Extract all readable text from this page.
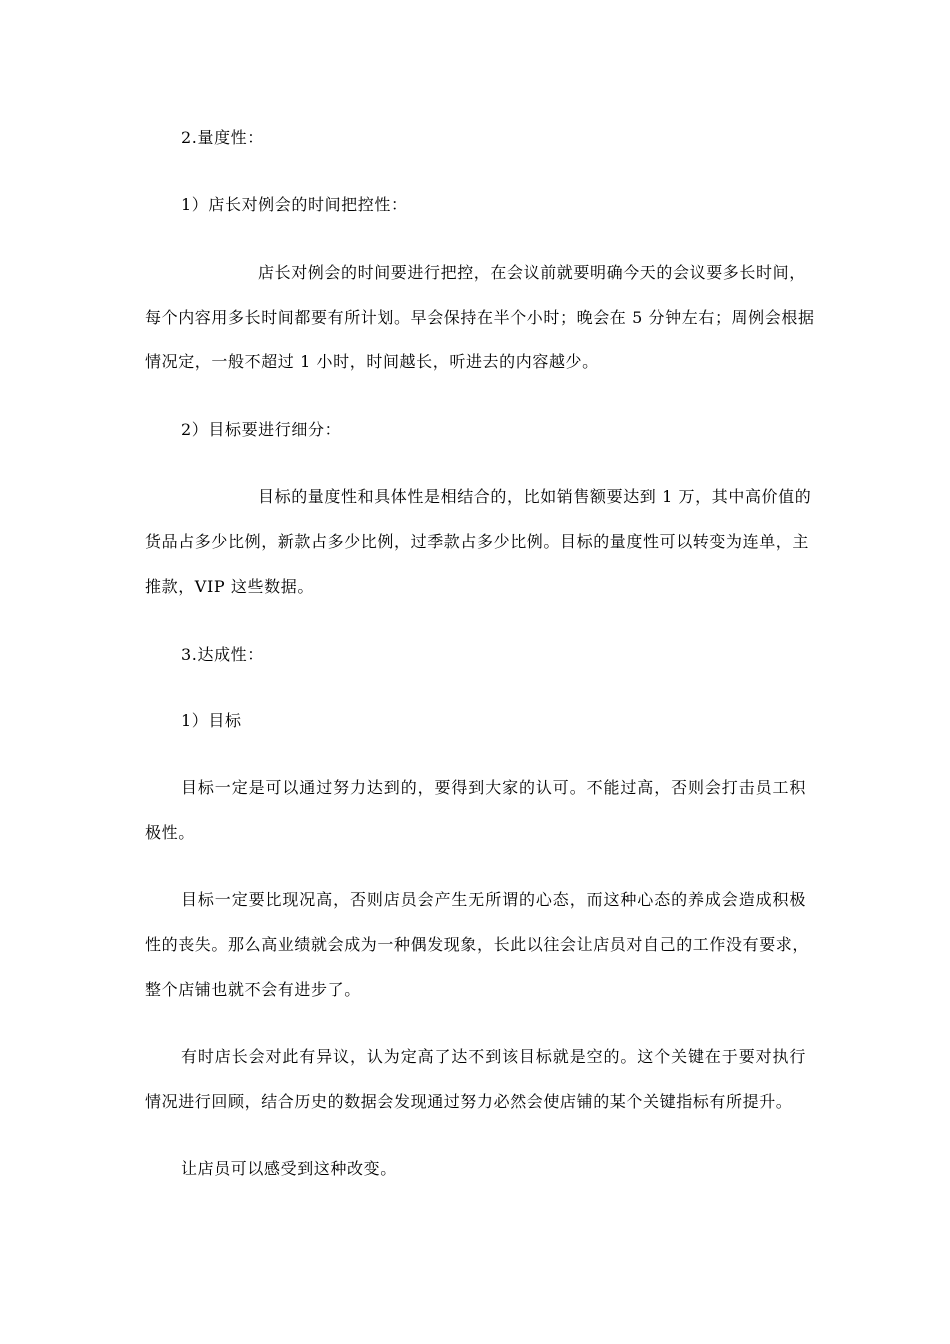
2.量度性：
1）店长对例会的时间把控性：
店长对例会的时间要进行把控，在会议前就要明确今天的会议要多长时间，
每个内容用多长时间都要有所计划。早会保持在半个小时；晚会在 5 分钟左右；周例会根据
情况定，一般不超过 1 小时，时间越长，听进去的内容越少。
2）目标要进行细分：
目标的量度性和具体性是相结合的，比如销售额要达到 1 万，其中高价值的
货品占多少比例，新款占多少比例，过季款占多少比例。目标的量度性可以转变为连单，主
推款，VIP 这些数据。
3.达成性：
1）目标
目标一定是可以通过努力达到的，要得到大家的认可。不能过高，否则会打击员工积
极性。
目标一定要比现况高，否则店员会产生无所谓的心态，而这种心态的养成会造成积极
性的丧失。那么高业绩就会成为一种偶发现象，长此以往会让店员对自己的工作没有要求，
整个店铺也就不会有进步了。
有时店长会对此有异议，认为定高了达不到该目标就是空的。这个关键在于要对执行
情况进行回顾，结合历史的数据会发现通过努力必然会使店铺的某个关键指标有所提升。
让店员可以感受到这种改变。
